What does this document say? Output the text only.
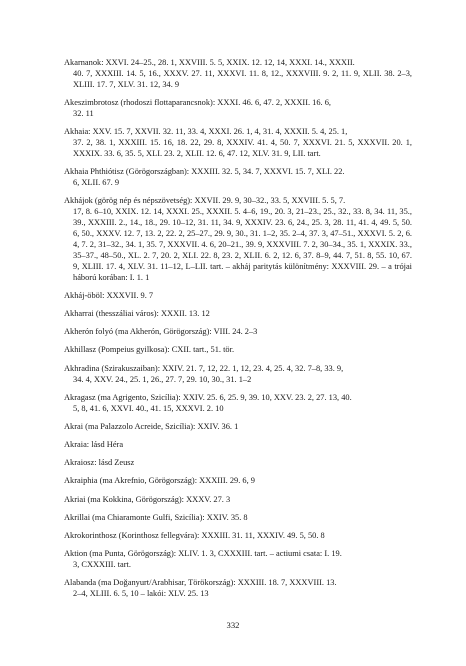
Akarnanok: XXVI. 24–25., 28. 1, XXVIII. 5. 5, XXIX. 12. 12, 14, XXXI. 14., XXXII.
40. 7, XXXIII. 14. 5, 16., XXXV. 27. 11, XXXVI. 11. 8, 12., XXXVIII. 9. 2, 11. 9, XLII. 38. 2–3, XLIII. 17. 7, XLV. 31. 12, 34. 9
Akeszimbrotosz (rhodoszi flottaparancsnok): XXXI. 46. 6, 47. 2, XXXII. 16. 6,
32. 11
Akhaia: XXV. 15. 7, XXVII. 32. 11, 33. 4, XXXI. 26. 1, 4, 31. 4, XXXII. 5. 4, 25. 1,
37. 2, 38. 1, XXXIII. 15. 16, 18. 22, 29. 8, XXXIV. 41. 4, 50. 7, XXXVI. 21. 5, XXXVII. 20. 1, XXXIX. 33. 6, 35. 5, XLI. 23. 2, XLII. 12. 6, 47. 12, XLV. 31. 9, LII. tart.
Akhaia Phthiótisz (Görögországban): XXXIII. 32. 5, 34. 7, XXXVI. 15. 7, XLI. 22.
6, XLII. 67. 9
Akhájok (görög nép és népszövetség): XXVII. 29. 9, 30–32., 33. 5, XXVIII. 5. 5, 7.
17, 8. 6–10, XXIX. 12. 14, XXXI. 25., XXXII. 5. 4–6, 19., 20. 3, 21–23., 25., 32., 33. 8, 34. 11, 35., 39., XXXIII. 2., 14., 18., 29. 10–12, 31. 11, 34. 9, XXXIV. 23. 6, 24., 25. 3, 28. 11, 41. 4, 49. 5, 50. 6, 50., XXXV. 12. 7, 13. 2, 22. 2, 25–27., 29. 9, 30., 31. 1–2, 35. 2–4, 37. 3, 47–51., XXXVI. 5. 2, 6. 4, 7. 2, 31–32., 34. 1, 35. 7, XXXVII. 4. 6, 20–21., 39. 9, XXXVIII. 7. 2, 30–34., 35. 1, XXXIX. 33., 35–37., 48–50., XL. 2. 7, 20. 2, XLI. 22. 8, 23. 2, XLII. 6. 2, 12. 6, 37. 8–9, 44. 7, 51. 8, 55. 10, 67. 9, XLIII. 17. 4, XLV. 31. 11–12, L–LII. tart. – akháj paritytás különítmény: XXXVIII. 29. – a trójai háború korában: I. 1. 1
Akháj-öböl: XXXVII. 9. 7
Akharrai (thesszáliai város): XXXII. 13. 12
Akherón folyó (ma Akherón, Görögország): VIII. 24. 2–3
Akhillasz (Pompeius gyilkosa): CXII. tart., 51. tör.
Akhradina (Szirakuszaiban): XXIV. 21. 7, 12, 22. 1, 12, 23. 4, 25. 4, 32. 7–8, 33. 9,
34. 4, XXV. 24., 25. 1, 26., 27. 7, 29. 10, 30., 31. 1–2
Akragasz (ma Agrigento, Szicília): XXIV. 25. 6, 25. 9, 39. 10, XXV. 23. 2, 27. 13, 40.
5, 8, 41. 6, XXVI. 40., 41. 15, XXXVI. 2. 10
Akrai (ma Palazzolo Acreide, Szicília): XXIV. 36. 1
Akraia: lásd Héra
Akraiosz: lásd Zeusz
Akraiphia (ma Akrefnio, Görögország): XXXIII. 29. 6, 9
Akriai (ma Kokkina, Görögország): XXXV. 27. 3
Akrillai (ma Chiaramonte Gulfi, Szicília): XXIV. 35. 8
Akrokorinthosz (Korinthosz fellegvára): XXXIII. 31. 11, XXXIV. 49. 5, 50. 8
Aktion (ma Punta, Görögország): XLIV. 1. 3, CXXXIII. tart. – actiumi csata: I. 19.
3, CXXXIII. tart.
Alabanda (ma Doğanyurt/Arabhisar, Törökország): XXXIII. 18. 7, XXXVIII. 13.
2–4, XLIII. 6. 5, 10 – lakói: XLV. 25. 13
332
